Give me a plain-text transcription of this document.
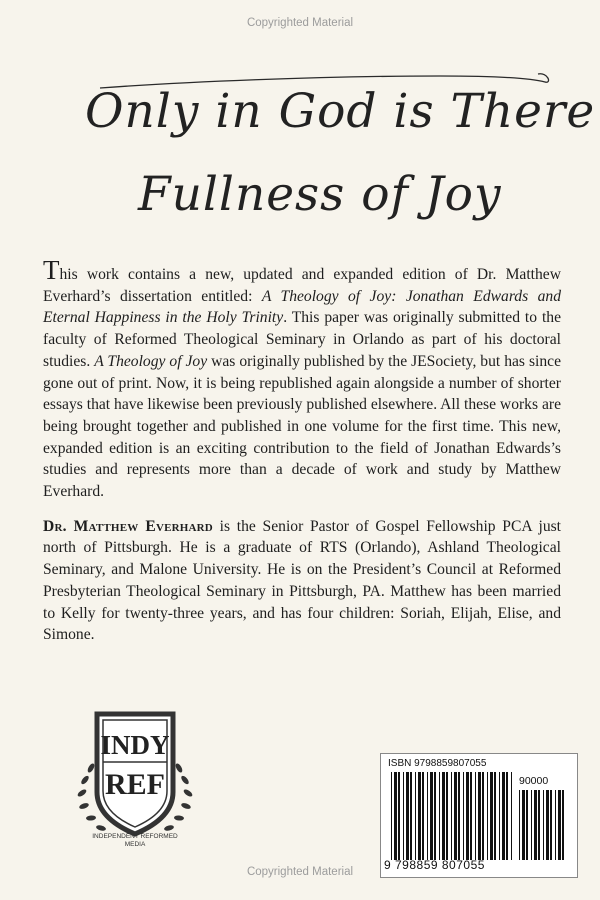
Copyrighted Material
Only in God is There
Fullness of Joy

This work contains a new, updated and expanded edition of Dr. Matthew Everhard’s dissertation entitled: A Theology of Joy: Jonathan Edwards and Eternal Happiness in the Holy Trinity. This paper was originally submitted to the faculty of Reformed Theological Seminary in Orlando as part of his doctoral studies. A Theology of Joy was originally published by the JESociety, but has since gone out of print. Now, it is being republished again alongside a number of shorter essays that have likewise been previously published elsewhere. All these works are being brought together and published in one volume for the first time. This new, expanded edition is an exciting contribution to the field of Jonathan Edwards’s studies and represents more than a decade of work and study by Matthew Everhard.

Dr. Matthew Everhard is the Senior Pastor of Gospel Fellowship PCA just north of Pittsburgh. He is a graduate of RTS (Orlando), Ashland Theological Seminary, and Malone University. He is on the President’s Council at Reformed Presbyterian Theological Seminary in Pittsburgh, PA. Matthew has been married to Kelly for twenty-three years, and has four children: Soriah, Elijah, Elise, and Simone.

INDY
REF
INDEPENDENT REFORMED
MEDIA
ISBN 9798859807055
90000
9 798859 807055
Copyrighted Material
